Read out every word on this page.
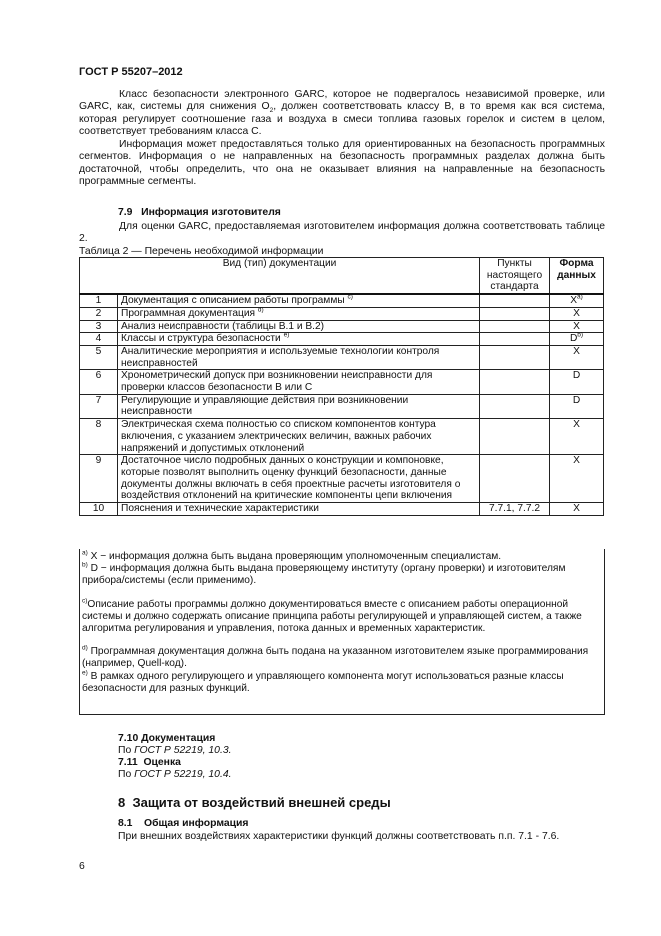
ГОСТ Р 55207–2012
Класс безопасности электронного GARC, которое не подвергалось независимой проверке, или GARC, как, системы для снижения $O_2$, должен соответствовать классу B, в то время как вся система, которая регулирует соотношение газа и воздуха в смеси топлива газовых горелок и систем в целом, соответствует требованиям класса C.
Информация может предоставляться только для ориентированных на безопасность программных сегментов. Информация о не направленных на безопасность программных разделах должна быть достаточной, чтобы определить, что она не оказывает влияния на направленные на безопасность программные сегменты.
7.9 Информация изготовителя
Для оценки GARC, предоставляемая изготовителем информация должна соответствовать таблице 2.
Таблица 2 — Перечень необходимой информации
Вид (тип) документации		Пункты настоящего стандарта	Форма данных
1	Документация с описанием работы программы $^{c)}$		$X^{a)}$
2	Программная документация $^{d)}$		X
3	Анализ неисправности (таблицы B.1 и B.2)		X
4	Классы и структура безопасности $^{e)}$		$D^{b)}$
5	Аналитические мероприятия и используемые технологии контроля неисправностей		X
6	Хронометрический допуск при возникновении неисправности для проверки классов безопасности B или C		D
7	Регулирующие и управляющие действия при возникновении неисправности		D
8	Электрическая схема полностью со списком компонентов контура включения, с указанием электрических величин, важных рабочих напряжений и допустимых отклонений		X
9	Достаточное число подробных данных о конструкции и компоновке, которые позволят выполнить оценку функций безопасности, данные документы должны включать в себя проектные расчеты изготовителя о воздействия отклонений на критические компоненты цепи включения		X
10	Пояснения и технические характеристики	7.7.1, 7.7.2	X
$^{a)}$ X − информация должна быть выдана проверяющим уполномоченным специалистам.
$^{b)}$ D − информация должна быть выдана проверяющему институту (органу проверки) и изготовителям прибора/системы (если применимо).
$^{c)}$Описание работы программы должно документироваться вместе с описанием работы операционной системы и должно содержать описание принципа работы регулирующей и управляющей систем, а также алгоритма регулирования и управления, потока данных и временных характеристик.
$^{d)}$ Программная документация должна быть подана на указанном изготовителем языке программирования (например, Quell-код).
$^{e)}$ В рамках одного регулирующего и управляющего компонента могут использоваться разные классы безопасности для разных функций.
7.10 Документация
По ГОСТ Р 52219, 10.3.
7.11 Оценка
По ГОСТ Р 52219, 10.4.
8 Защита от воздействий внешней среды
8.1 Общая информация
При внешних воздействиях характеристики функций должны соответствовать п.п. 7.1 - 7.6.
6
